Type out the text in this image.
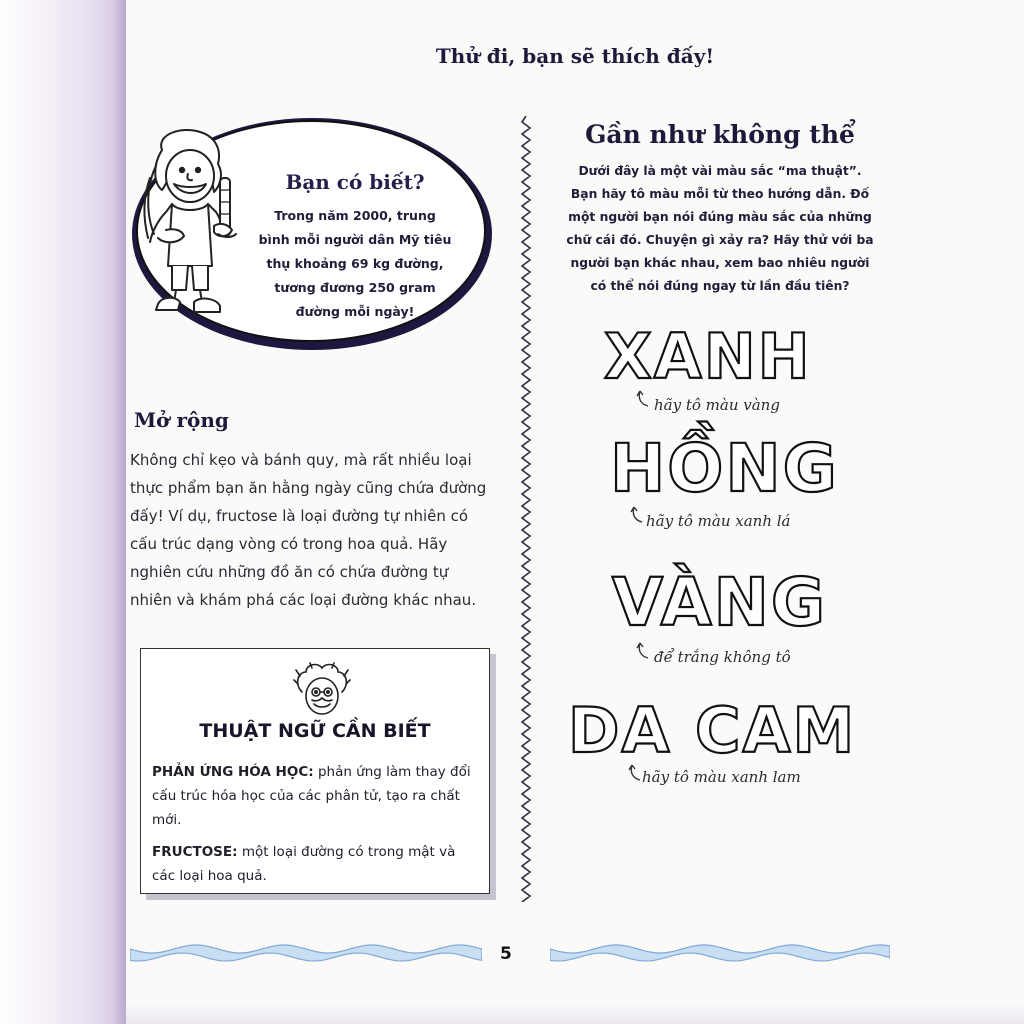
Thử đi, bạn sẽ thích đấy!
Bạn có biết?
Trong năm 2000, trung
bình mỗi người dân Mỹ tiêu
thụ khoảng 69 kg đường,
tương đương 250 gram
đường mỗi ngày!
Mở rộng
Không chỉ kẹo và bánh quy, mà rất nhiều loại
thực phẩm bạn ăn hằng ngày cũng chứa đường
đấy! Ví dụ, fructose là loại đường tự nhiên có
cấu trúc dạng vòng có trong hoa quả. Hãy
nghiên cứu những đồ ăn có chứa đường tự
nhiên và khám phá các loại đường khác nhau.
THUẬT NGỮ CẦN BIẾT
PHẢN ỨNG HÓA HỌC: phản ứng làm thay đổi
cấu trúc hóa học của các phân tử, tạo ra chất
mới.
FRUCTOSE: một loại đường có trong mật và
các loại hoa quả.
Gần như không thể
Dưới đây là một vài màu sắc “ma thuật”.
Bạn hãy tô màu mỗi từ theo hướng dẫn. Đố
một người bạn nói đúng màu sắc của những
chữ cái đó. Chuyện gì xảy ra? Hãy thử với ba
người bạn khác nhau, xem bao nhiêu người
có thể nói đúng ngay từ lần đầu tiên?
XANH
hãy tô màu vàng
HỒNG
hãy tô màu xanh lá
VÀNG
để trắng không tô
DA CAM
hãy tô màu xanh lam
5
